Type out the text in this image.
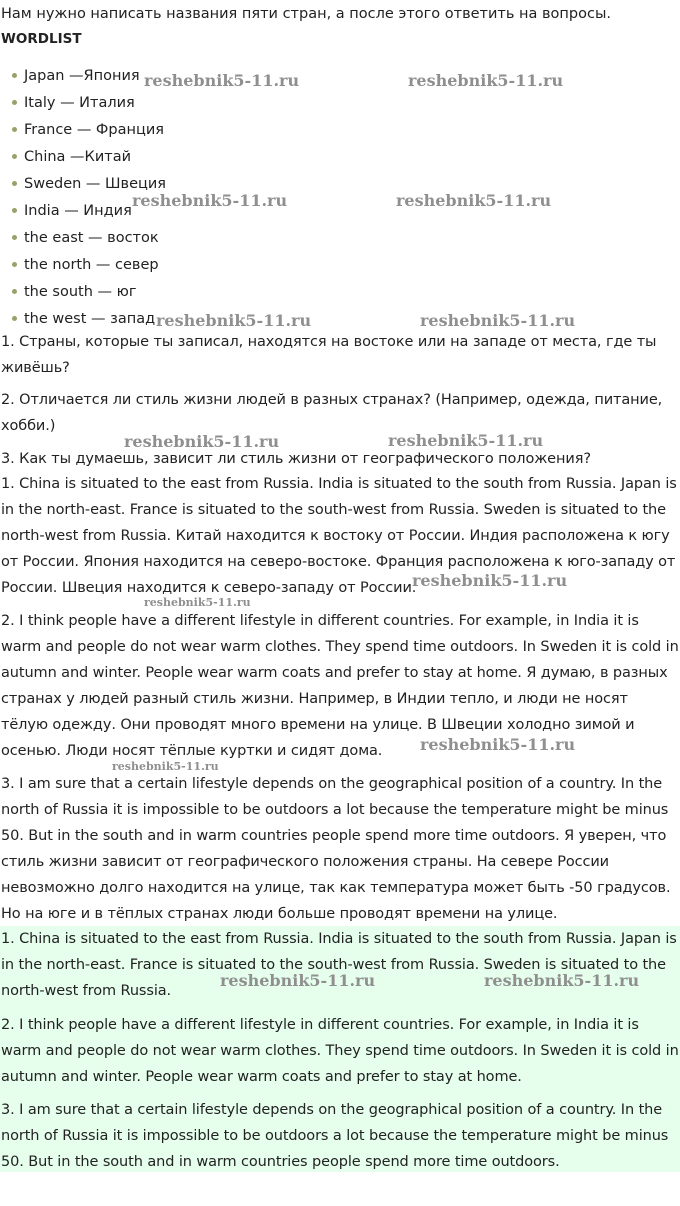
Нам нужно написать названия пяти стран, а после этого ответить на вопросы.
WORDLIST
Japan —Япония
Italy — Италия
France — Франция
China —Китай
Sweden — Швеция
India — Индия
the east — восток
the north — север
the south — юг
the west — запад
1. Страны, которые ты записал, находятся на востоке или на западе от места, где ты живёшь?
2. Отличается ли стиль жизни людей в разных странах? (Например, одежда, питание, хобби.)
3. Как ты думаешь, зависит ли стиль жизни от географического положения?
1. China is situated to the east from Russia. India is situated to the south from Russia. Japan is in the north-east. France is situated to the south-west from Russia. Sweden is situated to the north-west from Russia. Китай находится к востоку от России. Индия расположена к югу от России. Япония находится на северо-востоке. Франция расположена к юго-западу от России. Швеция находится к северо-западу от России.
2. I think people have a different lifestyle in different countries. For example, in India it is warm and people do not wear warm clothes. They spend time outdoors. In Sweden it is cold in autumn and winter. People wear warm coats and prefer to stay at home. Я думаю, в разных странах у людей разный стиль жизни. Например, в Индии тепло, и люди не носят тёлую одежду. Они проводят много времени на улице. В Швеции холодно зимой и осенью. Люди носят тёплые куртки и сидят дома.
3. I am sure that a certain lifestyle depends on the geographical position of a country. In the north of Russia it is impossible to be outdoors a lot because the temperature might be minus 50. But in the south and in warm countries people spend more time outdoors. Я уверен, что стиль жизни зависит от географического положения страны. На севере России невозможно долго находится на улице, так как температура может быть -50 градусов. Но на юге и в тёплых странах люди больше проводят времени на улице.
1. China is situated to the east from Russia. India is situated to the south from Russia. Japan is in the north-east. France is situated to the south-west from Russia. Sweden is situated to the north-west from Russia.
2. I think people have a different lifestyle in different countries. For example, in India it is warm and people do not wear warm clothes. They spend time outdoors. In Sweden it is cold in autumn and winter. People wear warm coats and prefer to stay at home.
3. I am sure that a certain lifestyle depends on the geographical position of a country. In the north of Russia it is impossible to be outdoors a lot because the temperature might be minus 50. But in the south and in warm countries people spend more time outdoors.
reshebnik5-11.ru	reshebnik5-11.ru
reshebnik5-11.ru	reshebnik5-11.ru
reshebnik5-11.ru	reshebnik5-11.ru
reshebnik5-11.ru	reshebnik5-11.ru
reshebnik5-11.ru
reshebnik5-11.ru
reshebnik5-11.ru
reshebnik5-11.ru
reshebnik5-11.ru	reshebnik5-11.ru
